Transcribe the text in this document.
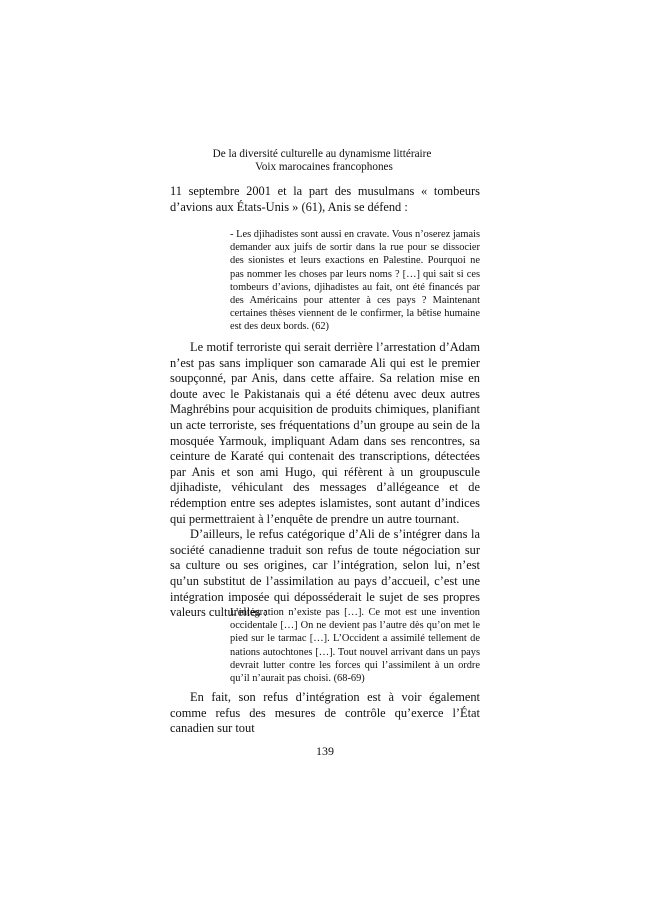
De la diversité culturelle au dynamisme littéraire
Voix marocaines francophones

11 septembre 2001 et la part des musulmans « tombeurs d’avions aux États-Unis » (61), Anis se défend :

- Les djihadistes sont aussi en cravate. Vous n’oserez jamais demander aux juifs de sortir dans la rue pour se dissocier des sionistes et leurs exactions en Palestine. Pourquoi ne pas nommer les choses par leurs noms ? […] qui sait si ces tombeurs d’avions, djihadistes au fait, ont été financés par des Américains pour attenter à ces pays ? Maintenant certaines thèses viennent de le confirmer, la bêtise humaine est des deux bords. (62)

Le motif terroriste qui serait derrière l’arrestation d’Adam n’est pas sans impliquer son camarade Ali qui est le premier soupçonné, par Anis, dans cette affaire. Sa relation mise en doute avec le Pakistanais qui a été détenu avec deux autres Maghrébins pour acquisition de produits chimiques, planifiant un acte terroriste, ses fréquentations d’un groupe au sein de la mosquée Yarmouk, impliquant Adam dans ses rencontres, sa ceinture de Karaté qui contenait des transcriptions, détectées par Anis et son ami Hugo, qui réfèrent à un groupuscule djihadiste, véhiculant des messages d’allégeance et de rédemption entre ses adeptes islamistes, sont autant d’indices qui permettraient à l’enquête de prendre un autre tournant.

D’ailleurs, le refus catégorique d’Ali de s’intégrer dans la société canadienne traduit son refus de toute négociation sur sa culture ou ses origines, car l’intégration, selon lui, n’est qu’un substitut de l’assimilation au pays d’accueil, c’est une intégration imposée qui déposséderait le sujet de ses propres valeurs culturelles :

L’intégration n’existe pas […]. Ce mot est une invention occidentale […] On ne devient pas l’autre dès qu’on met le pied sur le tarmac […]. L’Occident a assimilé tellement de nations autochtones […]. Tout nouvel arrivant dans un pays devrait lutter contre les forces qui l’assimilent à un ordre qu’il n’aurait pas choisi. (68-69)

En fait, son refus d’intégration est à voir également comme refus des mesures de contrôle qu’exerce l’État canadien sur tout

139
